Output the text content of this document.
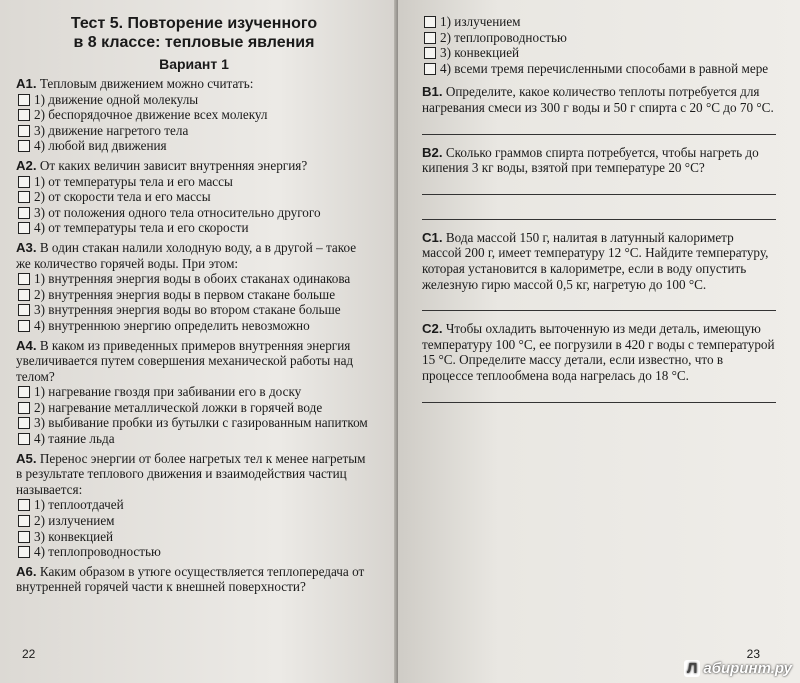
Тест 5. Повторение изученного
в 8 классе: тепловые явления
Вариант 1

А1. Тепловым движением можно считать:

1) движение одной молекулы
2) беспорядочное движение всех молекул
3) движение нагретого тела
4) любой вид движения

А2. От каких величин зависит внутренняя энергия?

1) от температуры тела и его массы
2) от скорости тела и его массы
3) от положения одного тела относительно другого
4) от температуры тела и его скорости

А3. В один стакан налили холодную воду, а в другой – такое же количество горячей воды. При этом:

1) внутренняя энергия воды в обоих стаканах одинакова
2) внутренняя энергия воды в первом стакане больше
3) внутренняя энергия воды во втором стакане больше
4) внутреннюю энергию определить невозможно

А4. В каком из приведенных примеров внутренняя энергия увеличивается путем совершения механической работы над телом?

1) нагревание гвоздя при забивании его в доску
2) нагревание металлической ложки в горячей воде
3) выбивание пробки из бутылки с газированным напитком
4) таяние льда

А5. Перенос энергии от более нагретых тел к менее нагретым в результате теплового движения и взаимодействия частиц называется:

1) теплоотдачей
2) излучением
3) конвекцией
4) теплопроводностью

А6. Каким образом в утюге осуществляется теплопередача от внутренней горячей части к внешней поверхности?

22
1) излучением
2) теплопроводностью
3) конвекцией
4) всеми тремя перечисленными способами в равной мере

В1. Определите, какое количество теплоты потребуется для нагревания смеси из 300 г воды и 50 г спирта с 20 °С до 70 °С.

В2. Сколько граммов спирта потребуется, чтобы нагреть до кипения 3 кг воды, взятой при температуре 20 °С?

С1. Вода массой 150 г, налитая в латунный калориметр массой 200 г, имеет температуру 12 °С. Найдите температуру, которая установится в калориметре, если в воду опустить железную гирю массой 0,5 кг, нагретую до 100 °С.

С2. Чтобы охладить выточенную из меди деталь, имеющую температуру 100 °С, ее погрузили в 420 г воды с температурой 15 °С. Определите массу детали, если известно, что в процессе теплообмена вода нагрелась до 18 °С.

23
Л абиринт.ру
